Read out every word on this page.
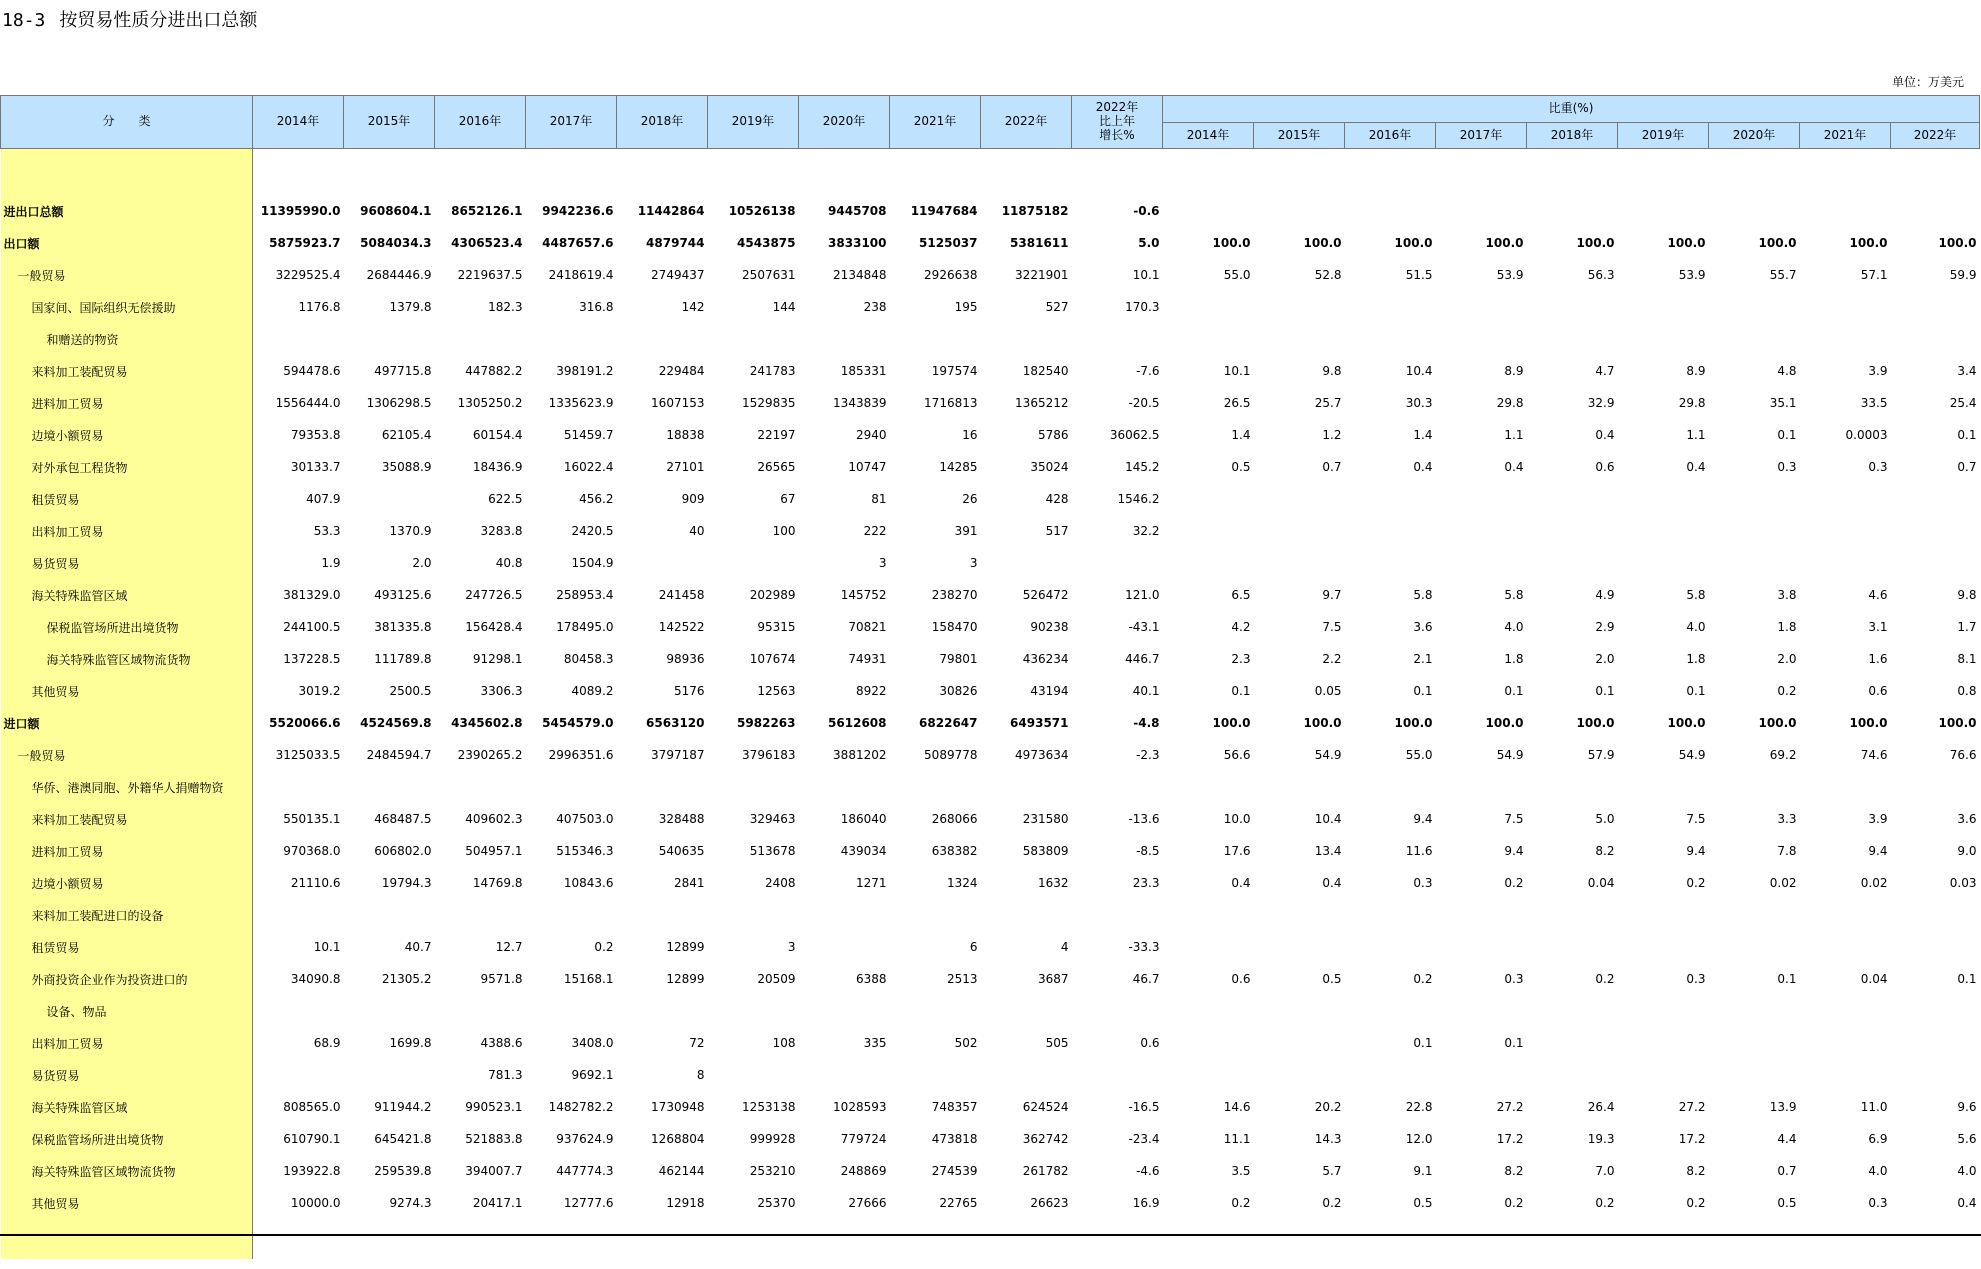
18-3 按贸易性质分进出口总额
单位：万美元
分　　类	2014年	2015年	2016年	2017年	2018年	2019年	2020年	2021年	2022年	2022年
比上年
增长%	比重(%)								
											2014年	2015年	2016年	2017年	2018年	2019年	2020年	2021年	2022年

进出口总额	11395990.0	9608604.1	8652126.1	9942236.6	11442864	10526138	9445708	11947684	11875182	-0.6									
出口额	5875923.7	5084034.3	4306523.4	4487657.6	4879744	4543875	3833100	5125037	5381611	5.0	100.0	100.0	100.0	100.0	100.0	100.0	100.0	100.0	100.0
一般贸易	3229525.4	2684446.9	2219637.5	2418619.4	2749437	2507631	2134848	2926638	3221901	10.1	55.0	52.8	51.5	53.9	56.3	53.9	55.7	57.1	59.9
国家间、国际组织无偿援助	1176.8	1379.8	182.3	316.8	142	144	238	195	527	170.3									
和赠送的物资																			
来料加工装配贸易	594478.6	497715.8	447882.2	398191.2	229484	241783	185331	197574	182540	-7.6	10.1	9.8	10.4	8.9	4.7	8.9	4.8	3.9	3.4
进料加工贸易	1556444.0	1306298.5	1305250.2	1335623.9	1607153	1529835	1343839	1716813	1365212	-20.5	26.5	25.7	30.3	29.8	32.9	29.8	35.1	33.5	25.4
边境小额贸易	79353.8	62105.4	60154.4	51459.7	18838	22197	2940	16	5786	36062.5	1.4	1.2	1.4	1.1	0.4	1.1	0.1	0.0003	0.1
对外承包工程货物	30133.7	35088.9	18436.9	16022.4	27101	26565	10747	14285	35024	145.2	0.5	0.7	0.4	0.4	0.6	0.4	0.3	0.3	0.7
租赁贸易	407.9		622.5	456.2	909	67	81	26	428	1546.2									
出料加工贸易	53.3	1370.9	3283.8	2420.5	40	100	222	391	517	32.2									
易货贸易	1.9	2.0	40.8	1504.9			3	3											
海关特殊监管区域	381329.0	493125.6	247726.5	258953.4	241458	202989	145752	238270	526472	121.0	6.5	9.7	5.8	5.8	4.9	5.8	3.8	4.6	9.8
保税监管场所进出境货物	244100.5	381335.8	156428.4	178495.0	142522	95315	70821	158470	90238	-43.1	4.2	7.5	3.6	4.0	2.9	4.0	1.8	3.1	1.7
海关特殊监管区域物流货物	137228.5	111789.8	91298.1	80458.3	98936	107674	74931	79801	436234	446.7	2.3	2.2	2.1	1.8	2.0	1.8	2.0	1.6	8.1
其他贸易	3019.2	2500.5	3306.3	4089.2	5176	12563	8922	30826	43194	40.1	0.1	0.05	0.1	0.1	0.1	0.1	0.2	0.6	0.8
进口额	5520066.6	4524569.8	4345602.8	5454579.0	6563120	5982263	5612608	6822647	6493571	-4.8	100.0	100.0	100.0	100.0	100.0	100.0	100.0	100.0	100.0
一般贸易	3125033.5	2484594.7	2390265.2	2996351.6	3797187	3796183	3881202	5089778	4973634	-2.3	56.6	54.9	55.0	54.9	57.9	54.9	69.2	74.6	76.6
华侨、港澳同胞、外籍华人捐赠物资																			
来料加工装配贸易	550135.1	468487.5	409602.3	407503.0	328488	329463	186040	268066	231580	-13.6	10.0	10.4	9.4	7.5	5.0	7.5	3.3	3.9	3.6
进料加工贸易	970368.0	606802.0	504957.1	515346.3	540635	513678	439034	638382	583809	-8.5	17.6	13.4	11.6	9.4	8.2	9.4	7.8	9.4	9.0
边境小额贸易	21110.6	19794.3	14769.8	10843.6	2841	2408	1271	1324	1632	23.3	0.4	0.4	0.3	0.2	0.04	0.2	0.02	0.02	0.03
来料加工装配进口的设备																			
租赁贸易	10.1	40.7	12.7	0.2	12899	3		6	4	-33.3									
外商投资企业作为投资进口的	34090.8	21305.2	9571.8	15168.1	12899	20509	6388	2513	3687	46.7	0.6	0.5	0.2	0.3	0.2	0.3	0.1	0.04	0.1
设备、物品																			
出料加工贸易	68.9	1699.8	4388.6	3408.0	72	108	335	502	505	0.6			0.1	0.1					
易货贸易			781.3	9692.1	8														
海关特殊监管区域	808565.0	911944.2	990523.1	1482782.2	1730948	1253138	1028593	748357	624524	-16.5	14.6	20.2	22.8	27.2	26.4	27.2	13.9	11.0	9.6
保税监管场所进出境货物	610790.1	645421.8	521883.8	937624.9	1268804	999928	779724	473818	362742	-23.4	11.1	14.3	12.0	17.2	19.3	17.2	4.4	6.9	5.6
海关特殊监管区域物流货物	193922.8	259539.8	394007.7	447774.3	462144	253210	248869	274539	261782	-4.6	3.5	5.7	9.1	8.2	7.0	8.2	0.7	4.0	4.0
其他贸易	10000.0	9274.3	20417.1	12777.6	12918	25370	27666	22765	26623	16.9	0.2	0.2	0.5	0.2	0.2	0.2	0.5	0.3	0.4
